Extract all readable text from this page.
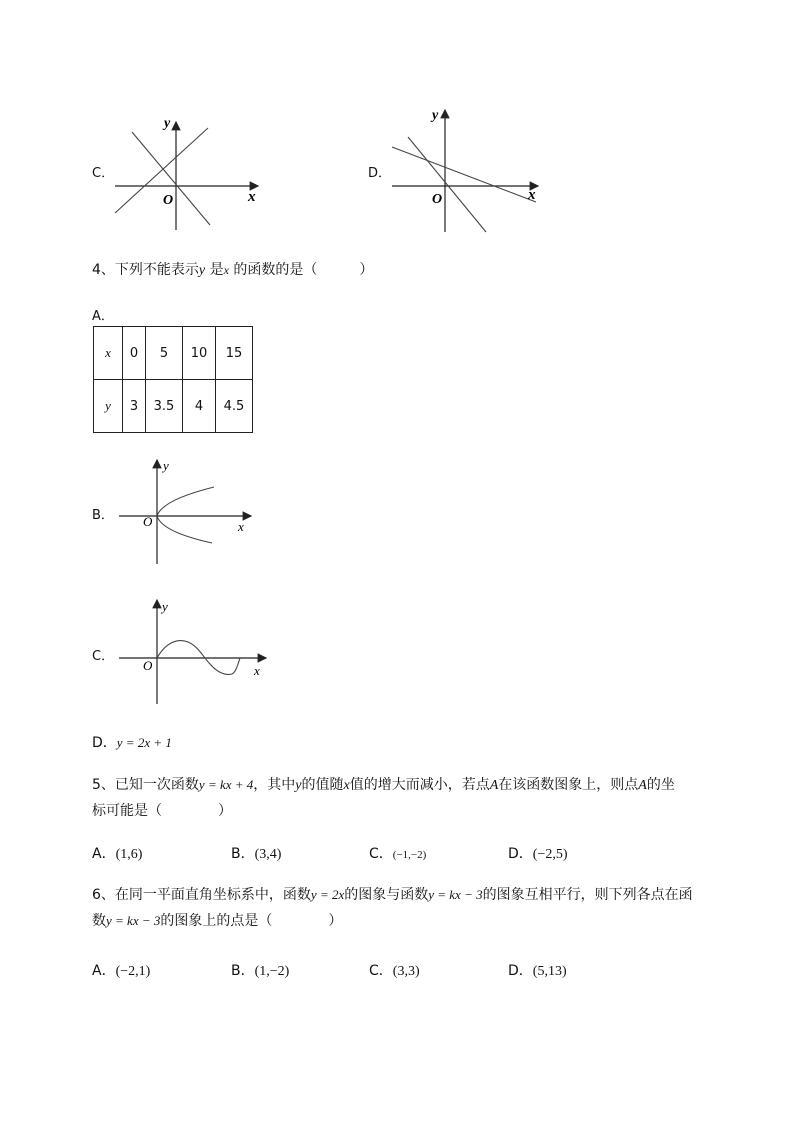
C．
y
x
O
D．
y
x
O
4、下列不能表示y 是x 的函数的是（　　　）
A．
x	0	5	10	15
y	3	3.5	4	4.5
B．
y
x
O
C．
y
x
O
D．y = 2x + 1
5、已知一次函数y = kx + 4，其中y的值随x值的增大而减小，若点A在该函数图象上，则点A的坐
标可能是（　　　　）
A．(1,6)	B．(3,4)	C．(−1,−2)	D．(−2,5)
6、在同一平面直角坐标系中，函数y = 2x的图象与函数y = kx − 3的图象互相平行，则下列各点在函
数y = kx − 3的图象上的点是（　　　　）
A．(−2,1)	B．(1,−2)	C．(3,3)	D．(5,13)
